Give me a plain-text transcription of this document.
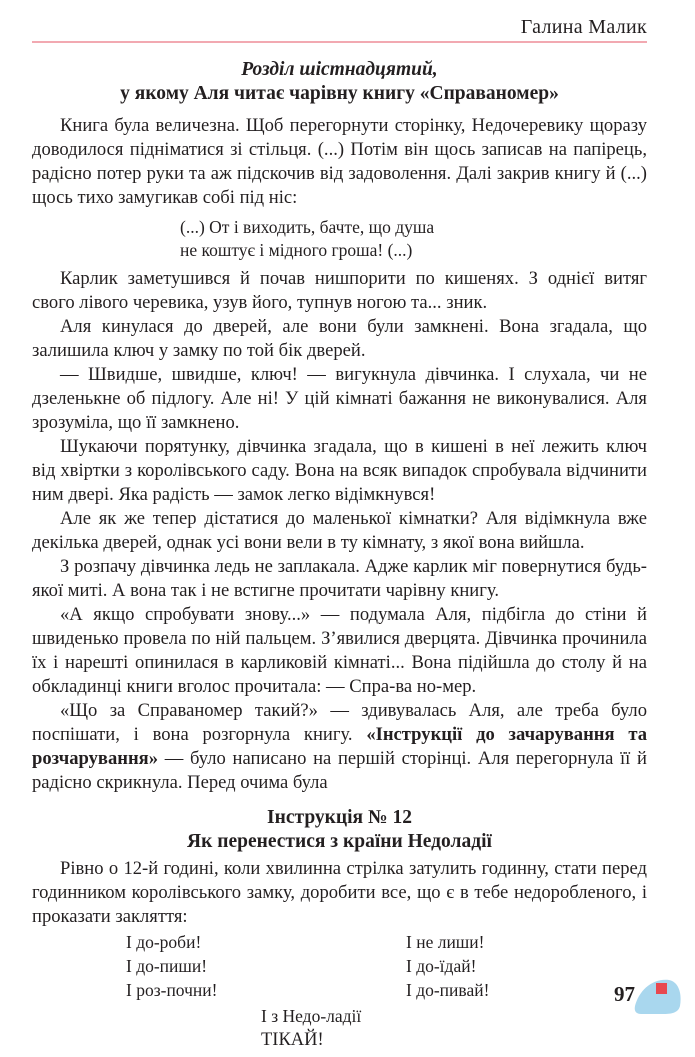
Галина Малик
Розділ шістнадцятий,
у якому Аля читає чарівну книгу «Справаномер»

Книга була величезна. Щоб перегорнути сторінку, Недочеревику щоразу доводилося підніматися зі стільця. (...) Потім він щось записав на папірець, радісно потер руки та аж підскочив від задоволення. Далі закрив книгу й (...) щось тихо замугикав собі під ніс:

(...) От і виходить, бачте, що душа
не коштує і мідного гроша! (...)

Карлик заметушився й почав нишпорити по кишенях. З однієї витяг свого лівого черевика, узув його, тупнув ногою та... зник.

Аля кинулася до дверей, але вони були замкнені. Вона згадала, що залишила ключ у замку по той бік дверей.

— Швидше, швидше, ключ! — вигукнула дівчинка. І слухала, чи не дзеленькне об підлогу. Але ні! У цій кімнаті бажання не виконувалися. Аля зрозуміла, що її замкнено.

Шукаючи порятунку, дівчинка згадала, що в кишені в неї лежить ключ від хвіртки з королівського саду. Вона на всяк випадок спробувала відчинити ним двері. Яка радість — замок легко відімкнувся!

Але як же тепер дістатися до маленької кімнатки? Аля відімкнула вже декілька дверей, однак усі вони вели в ту кімнату, з якої вона вийшла.

З розпачу дівчинка ледь не заплакала. Адже карлик міг повернутися будь-якої миті. А вона так і не встигне прочитати чарівну книгу.

«А якщо спробувати знову...» — подумала Аля, підбігла до стіни й швиденько провела по ній пальцем. З’явилися дверцята. Дівчинка прочинила їх і нарешті опинилася в карликовій кімнаті... Вона підійшла до столу й на обкладинці книги вголос прочитала: — Спра-ва но-мер.

«Що за Справаномер такий?» — здивувалась Аля, але треба було поспішати, і вона розгорнула книгу. «Інструкції до зачарування та розчарування» — було написано на першій сторінці. Аля перегорнула її й радісно скрикнула. Перед очима була

Інструкція № 12
Як перенестися з країни Недоладії

Рівно о 12-й годині, коли хвилинна стрілка затулить годинну, стати перед годинником королівського замку, доробити все, що є в тебе недоробленого, і проказати закляття:

І до-роби!
І до-пиши!
І роз-почни!
І не лиши!
І до-їдай!
І до-пивай!
І з Недо-ладії
ТІКАЙ!
97
